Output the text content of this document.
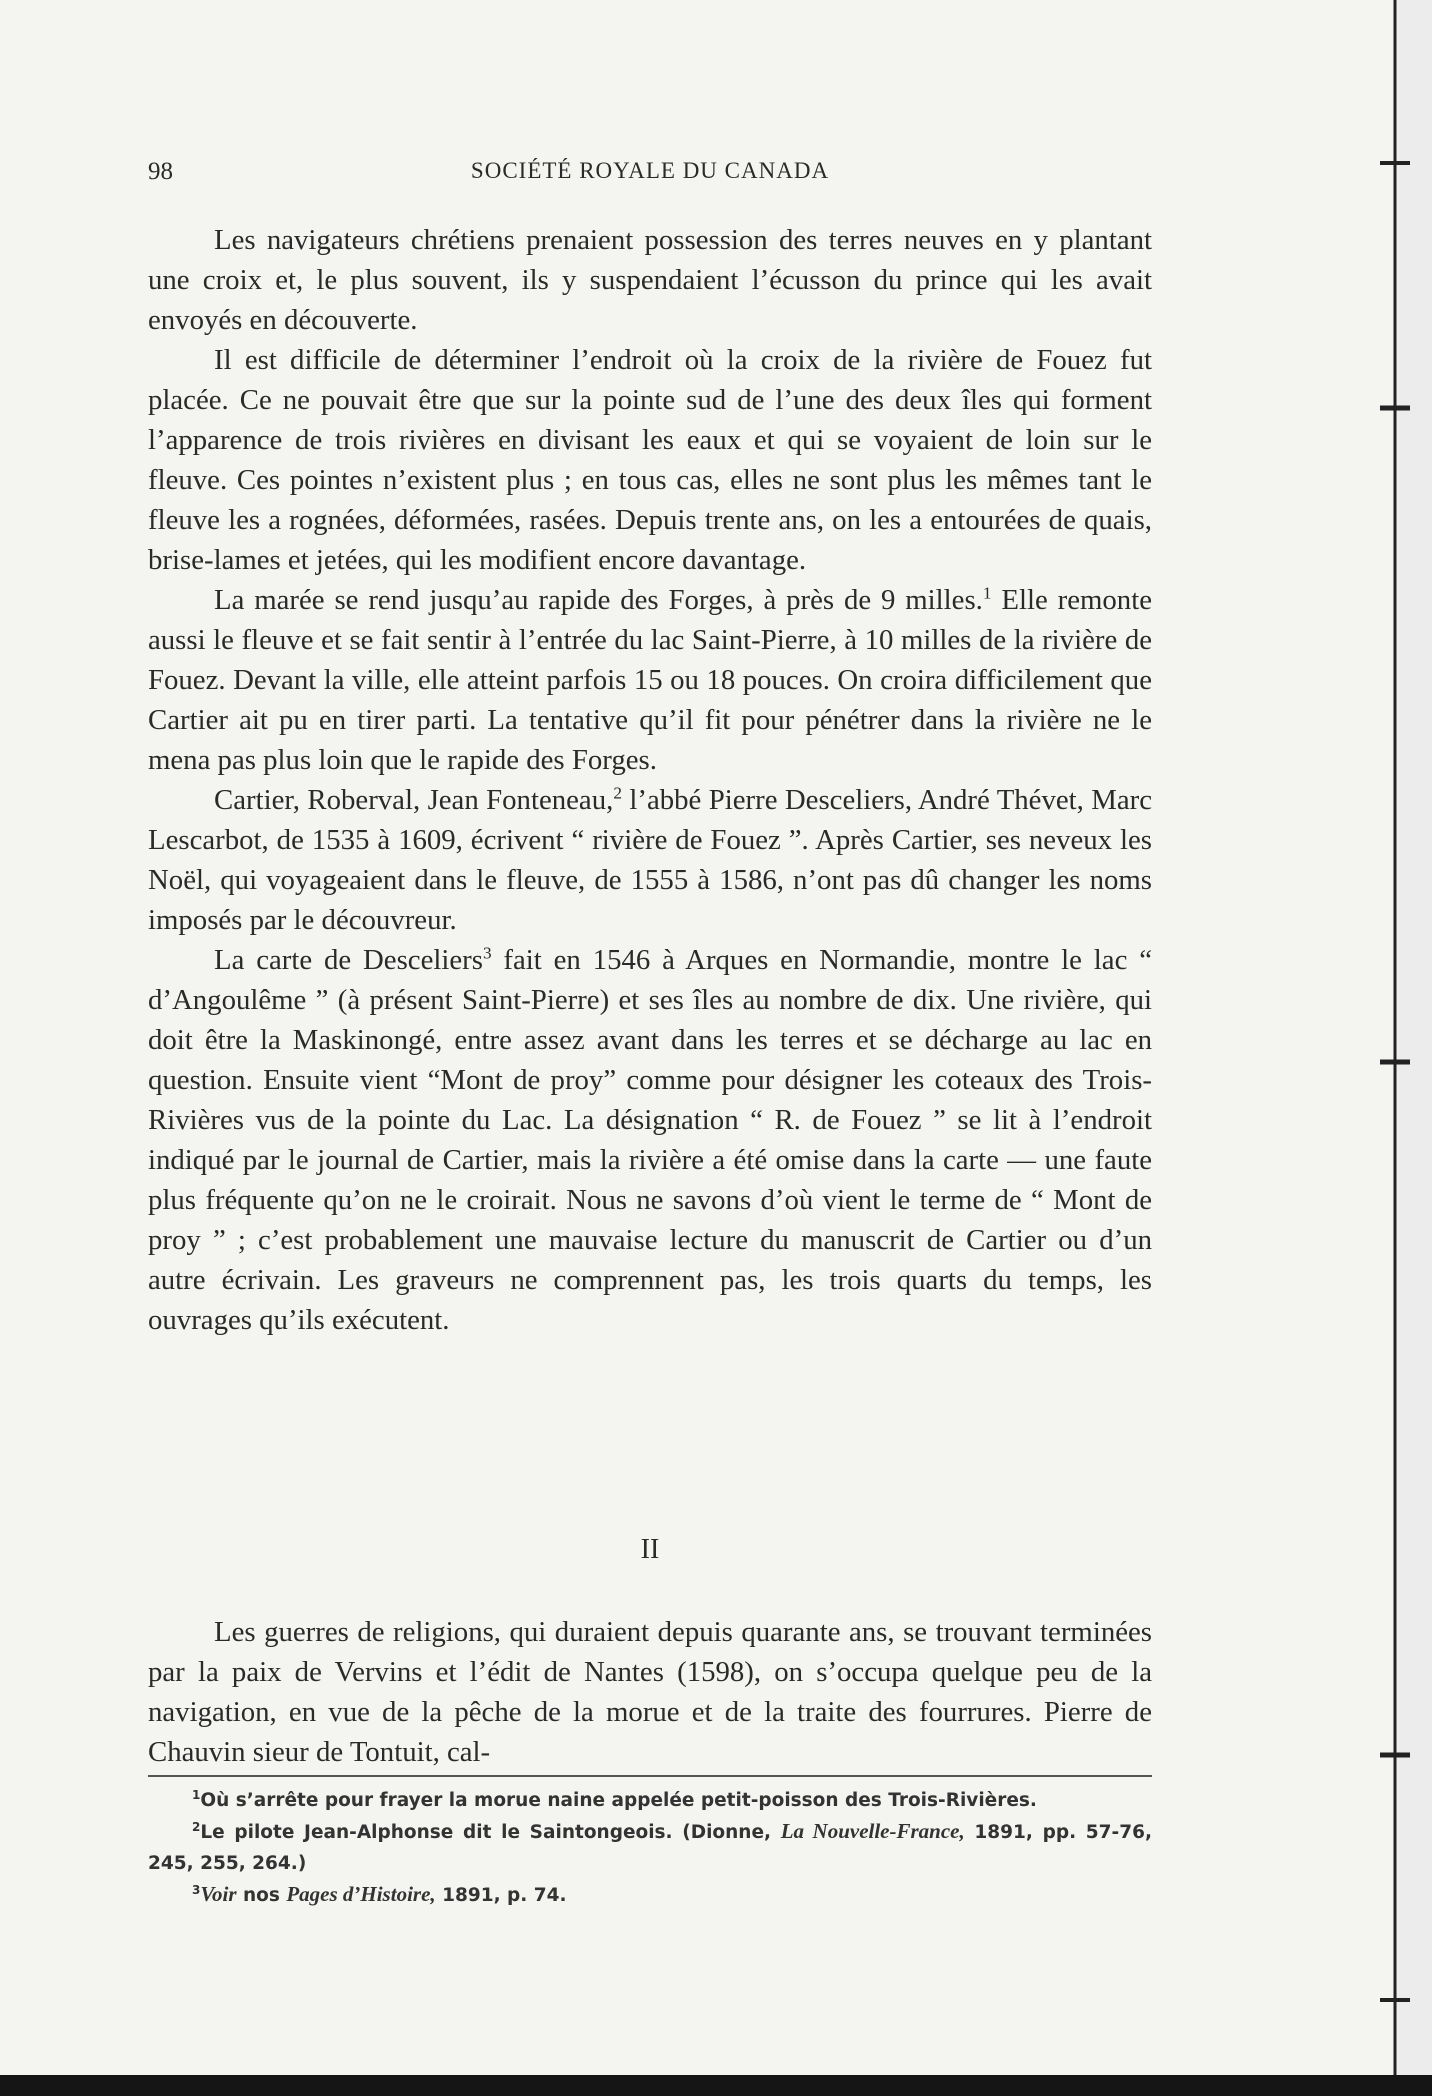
98	SOCIÉTÉ ROYALE DU CANADA

Les navigateurs chrétiens prenaient possession des terres neuves en y plantant une croix et, le plus souvent, ils y suspendaient l’écusson du prince qui les avait envoyés en découverte.

Il est difficile de déterminer l’endroit où la croix de la rivière de Fouez fut placée. Ce ne pouvait être que sur la pointe sud de l’une des deux îles qui forment l’apparence de trois rivières en divisant les eaux et qui se voyaient de loin sur le fleuve. Ces pointes n’existent plus ; en tous cas, elles ne sont plus les mêmes tant le fleuve les a rognées, déformées, rasées. Depuis trente ans, on les a entourées de quais, brise-lames et jetées, qui les modifient encore davantage.

La marée se rend jusqu’au rapide des Forges, à près de 9 milles.$^1$ Elle remonte aussi le fleuve et se fait sentir à l’entrée du lac Saint-Pierre, à 10 milles de la rivière de Fouez. Devant la ville, elle atteint parfois 15 ou 18 pouces. On croira difficilement que Cartier ait pu en tirer parti. La tentative qu’il fit pour pénétrer dans la rivière ne le mena pas plus loin que le rapide des Forges.

Cartier, Roberval, Jean Fonteneau,$^2$ l’abbé Pierre Desceliers, André Thévet, Marc Lescarbot, de 1535 à 1609, écrivent “ rivière de Fouez ”. Après Cartier, ses neveux les Noël, qui voyageaient dans le fleuve, de 1555 à 1586, n’ont pas dû changer les noms imposés par le découvreur.

La carte de Desceliers$^3$ fait en 1546 à Arques en Normandie, montre le lac “ d’Angoulême ” (à présent Saint-Pierre) et ses îles au nombre de dix. Une rivière, qui doit être la Maskinongé, entre assez avant dans les terres et se décharge au lac en question. Ensuite vient “Mont de proy” comme pour désigner les coteaux des Trois-Rivières vus de la pointe du Lac. La désignation “ R. de Fouez ” se lit à l’endroit indiqué par le journal de Cartier, mais la rivière a été omise dans la carte — une faute plus fréquente qu’on ne le croirait. Nous ne savons d’où vient le terme de “ Mont de proy ” ; c’est probablement une mauvaise lecture du manuscrit de Cartier ou d’un autre écrivain. Les graveurs ne comprennent pas, les trois quarts du temps, les ouvrages qu’ils exécutent.

II

Les guerres de religions, qui duraient depuis quarante ans, se trouvant terminées par la paix de Vervins et l’édit de Nantes (1598), on s’occupa quelque peu de la navigation, en vue de la pêche de la morue et de la traite des fourrures. Pierre de Chauvin sieur de Tontuit, cal-

$^1$Où s’arrête pour frayer la morue naine appelée petit-poisson des Trois-Rivières.

$^2$Le pilote Jean-Alphonse dit le Saintongeois. (Dionne, La Nouvelle-France, 1891, pp. 57-76, 245, 255, 264.)

$^3$Voir nos Pages d’Histoire, 1891, p. 74.
